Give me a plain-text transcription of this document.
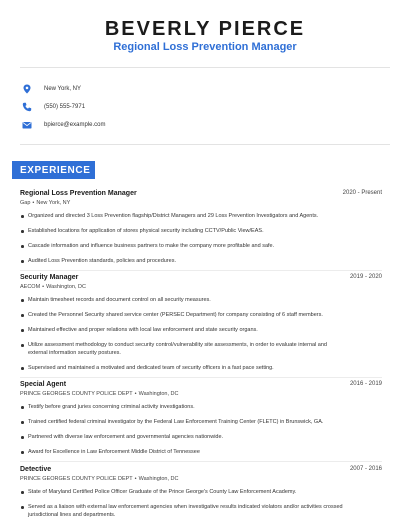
BEVERLY PIERCE
Regional Loss Prevention Manager
New York, NY
(550) 555-7971
bpierce@example.com
EXPERIENCE
Regional Loss Prevention Manager	2020 - Present
Gap • New York, NY
Organized and directed 3 Loss Prevention flagship/District Managers and 29 Loss Prevention Investigators and Agents.
Established locations for application of stores physical security including CCTV/Public View/EAS.
Cascade information and influence business partners to make the company more profitable and safe.
Audited Loss Prevention standards, policies and procedures.
Security Manager	2019 - 2020
AECOM • Washington, DC
Maintain timesheet records and document control on all security measures.
Created the Personnel Security shared service center (PERSEC Department) for company consisting of 6 staff members.
Maintained effective and proper relations with local law enforcement and state security organs.
Utilize assessment methodology to conduct security control/vulnerability site assessments, in order to evaluate internal and
external information security postures.
Supervised and maintained a motivated and dedicated team of security officers in a fast pace setting.
Special Agent	2016 - 2019
PRINCE GEORGES COUNTY POLICE DEPT • Washington, DC
Testify before grand juries concerning criminal activity investigations.
Trained certified federal criminal investigator by the Federal Law Enforcement Training Center (FLETC) in Brunswick, GA.
Partnered with diverse law enforcement and governmental agencies nationwide.
Award for Excellence in Law Enforcement Middle District of Tennessee
Detective	2007 - 2016
PRINCE GEORGES COUNTY POLICE DEPT • Washington, DC
State of Maryland Certified Police Officer Graduate of the Prince George's County Law Enforcement Academy.
Served as a liaison with external law enforcement agencies when investigative results indicated violators and/or activities crossed
jurisdictional lines and departments.
